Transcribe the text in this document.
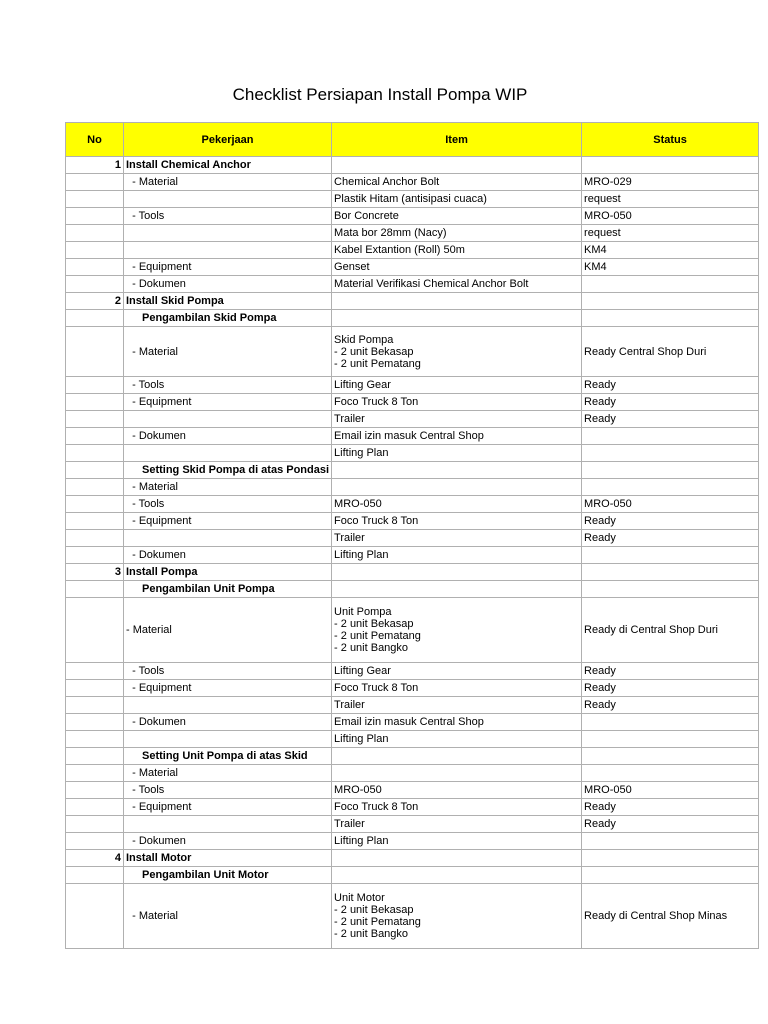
Checklist Persiapan Install Pompa WIP
No	Pekerjaan	Item	Status
1	Install Chemical Anchor		
	- Material	Chemical Anchor Bolt	MRO-029
		Plastik Hitam (antisipasi cuaca)	request
	- Tools	Bor Concrete	MRO-050
		Mata bor 28mm (Nacy)	request
		Kabel Extantion (Roll) 50m	KM4
	- Equipment	Genset	KM4
	- Dokumen	Material Verifikasi Chemical Anchor Bolt	
2	Install Skid Pompa		
	Pengambilan Skid Pompa		
	- Material	Skid Pompa
- 2 unit Bekasap
- 2 unit Pematang	Ready Central Shop Duri
	- Tools	Lifting Gear	Ready
	- Equipment	Foco Truck 8 Ton	Ready
		Trailer	Ready
	- Dokumen	Email izin masuk Central Shop	
		Lifting Plan	
	Setting Skid Pompa di atas Pondasi		
	- Material		
	- Tools	MRO-050	MRO-050
	- Equipment	Foco Truck 8 Ton	Ready
		Trailer	Ready
	- Dokumen	Lifting Plan	
3	Install Pompa		
	Pengambilan Unit Pompa		
	- Material	Unit Pompa
- 2 unit Bekasap
- 2 unit Pematang
- 2 unit Bangko	Ready di Central Shop Duri
	- Tools	Lifting Gear	Ready
	- Equipment	Foco Truck 8 Ton	Ready
		Trailer	Ready
	- Dokumen	Email izin masuk Central Shop	
		Lifting Plan	
	Setting Unit Pompa di atas Skid		
	- Material		
	- Tools	MRO-050	MRO-050
	- Equipment	Foco Truck 8 Ton	Ready
		Trailer	Ready
	- Dokumen	Lifting Plan	
4	Install Motor		
	Pengambilan Unit Motor		
	- Material	Unit Motor
- 2 unit Bekasap
- 2 unit Pematang
- 2 unit Bangko	Ready di Central Shop Minas
